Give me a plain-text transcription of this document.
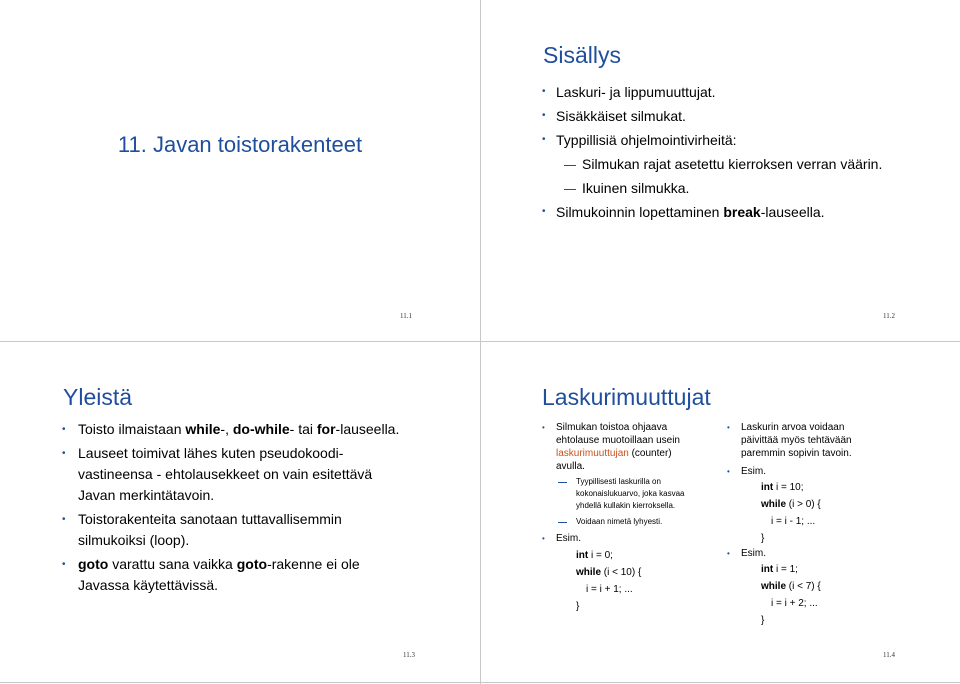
11. Javan toistorakenteet
11.1
Sisällys
• Laskuri- ja lippumuuttujat.
• Sisäkkäiset silmukat.
• Typpillisiä ohjelmointivirheitä:
Silmukan rajat asetettu kierroksen verran väärin.
Ikuinen silmukka.
• Silmukoinnin lopettaminen break-lauseella.
11.2
Yleistä
• Toisto ilmaistaan while-, do-while- tai for-lauseella.
• Lauseet toimivat lähes kuten pseudokoodi-
vastineensa - ehtolausekkeet on vain esitettävä
Javan merkintätavoin.
• Toistorakenteita sanotaan tuttavallisemmin
silmukoiksi (loop).
• goto varattu sana vaikka goto-rakenne ei ole
Javassa käytettävissä.
11.3
Laskurimuuttujat
• Silmukan toistoa ohjaava
ehtolause muotoillaan usein
laskurimuuttujan (counter)
avulla.
Tyypillisesti laskurilla on
kokonaislukuarvo, joka kasvaa
yhdellä kullakin kierroksella.
Voidaan nimetä lyhyesti.
• Esim.
int i = 0;
while (i < 10) {
i = i + 1; ...
}
• Laskurin arvoa voidaan
päivittää myös tehtävään
paremmin sopivin tavoin.
• Esim.
int i = 10;
while (i > 0) {
i = i - 1; ...
}
• Esim.
int i = 1;
while (i < 7) {
i = i + 2; ...
}
11.4
